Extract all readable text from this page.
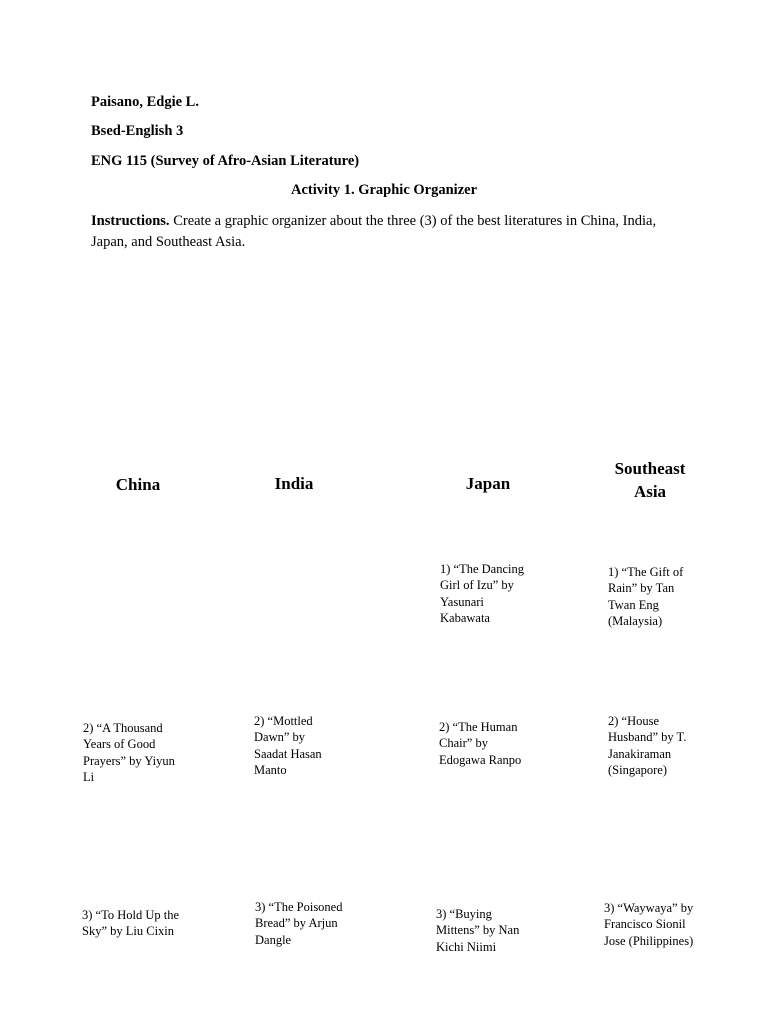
Paisano, Edgie L.
Bsed-English 3
ENG 115 (Survey of Afro-Asian Literature)
Activity 1. Graphic Organizer
Instructions. Create a graphic organizer about the three (3) of the best literatures in China, India, Japan, and Southeast Asia.
China	India	Japan
Southeast Asia
1) “The Dancing Girl of Izu” by Yasunari Kabawata
1) “The Gift of Rain” by Tan Twan Eng (Malaysia)
2) “A Thousand Years of Good Prayers” by Yiyun Li
2) “Mottled Dawn” by Saadat Hasan Manto
2) “The Human Chair” by Edogawa Ranpo
2) “House Husband” by T. Janakiraman (Singapore)
3) “To Hold Up the Sky” by Liu Cixin
3) “The Poisoned Bread” by Arjun Dangle
3) “Buying Mittens” by Nan Kichi Niimi
3) “Waywaya” by Francisco Sionil Jose (Philippines)
